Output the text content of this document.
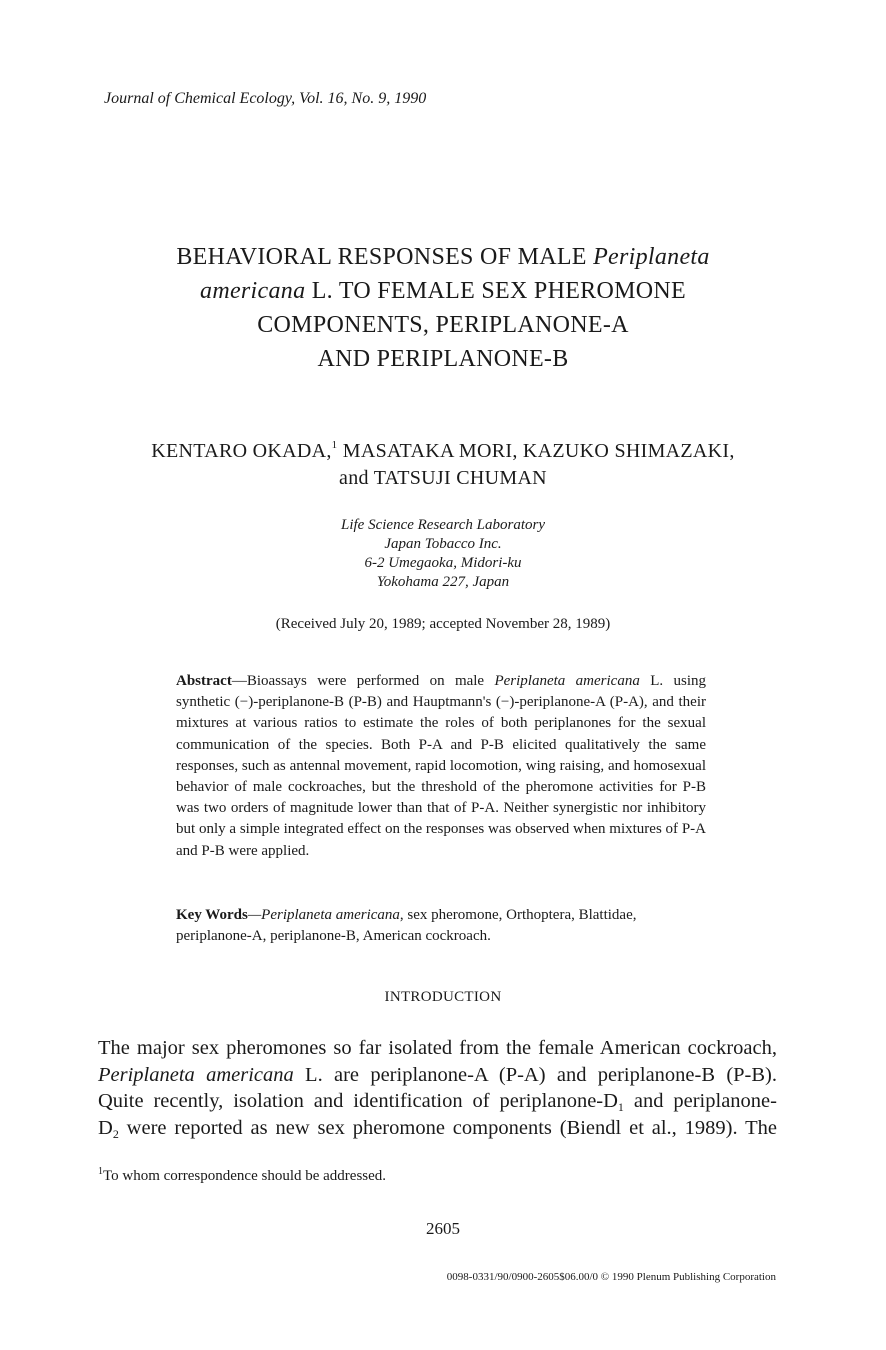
Journal of Chemical Ecology, Vol. 16, No. 9, 1990
BEHAVIORAL RESPONSES OF MALE Periplaneta
americana L. TO FEMALE SEX PHEROMONE
COMPONENTS, PERIPLANONE-A
AND PERIPLANONE-B
KENTARO OKADA,$^1$ MASATAKA MORI, KAZUKO SHIMAZAKI,
and TATSUJI CHUMAN
Life Science Research Laboratory
Japan Tobacco Inc.
6-2 Umegaoka, Midori-ku
Yokohama 227, Japan
(Received July 20, 1989; accepted November 28, 1989)
Abstract—Bioassays were performed on male Periplaneta americana L. using synthetic (−)-periplanone-B (P-B) and Hauptmann's (−)-periplanone-A (P-A), and their mixtures at various ratios to estimate the roles of both periplanones for the sexual communication of the species. Both P-A and P-B elicited qualitatively the same responses, such as antennal movement, rapid locomotion, wing raising, and homosexual behavior of male cockroaches, but the threshold of the pheromone activities for P-B was two orders of magnitude lower than that of P-A. Neither synergistic nor inhibitory but only a simple integrated effect on the responses was observed when mixtures of P-A and P-B were applied.
Key Words—Periplaneta americana, sex pheromone, Orthoptera, Blattidae, periplanone-A, periplanone-B, American cockroach.
INTRODUCTION
The major sex pheromones so far isolated from the female American cockroach,
Periplaneta americana L. are periplanone-A (P-A) and periplanone-B (P-B).
Quite recently, isolation and identification of periplanone-$D_1$ and periplanone-
$D_2$ were reported as new sex pheromone components (Biendl et al., 1989). The
$^1$To whom correspondence should be addressed.
2605
0098-0331/90/0900-2605$06.00/0 © 1990 Plenum Publishing Corporation
